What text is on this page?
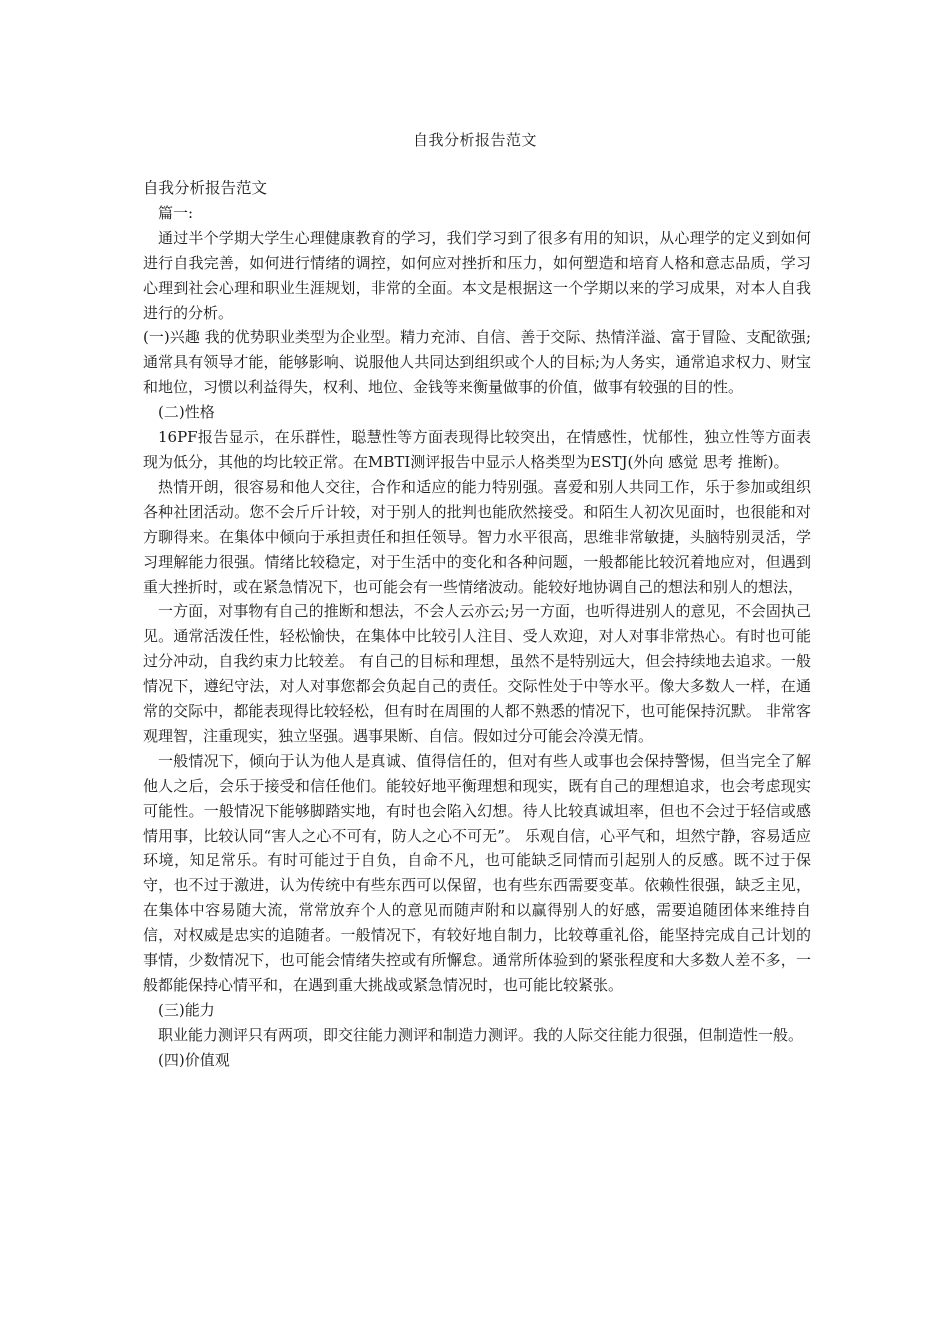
自我分析报告范文

自我分析报告范文

篇一:

通过半个学期大学生心理健康教育的学习，我们学习到了很多有用的知识，从心理学的定义到如何进行自我完善，如何进行情绪的调控，如何应对挫折和压力，如何塑造和培育人格和意志品质，学习心理到社会心理和职业生涯规划，非常的全面。本文是根据这一个学期以来的学习成果，对本人自我进行的分析。

(一)兴趣 我的优势职业类型为企业型。精力充沛、自信、善于交际、热情洋溢、富于冒险、支配欲强; 通常具有领导才能，能够影响、说服他人共同达到组织或个人的目标;为人务实，通常追求权力、财宝和地位，习惯以利益得失，权利、地位、金钱等来衡量做事的价值，做事有较强的目的性。

(二)性格

16PF报告显示，在乐群性，聪慧性等方面表现得比较突出，在情感性，忧郁性，独立性等方面表现为低分，其他的均比较正常。在MBTI测评报告中显示人格类型为ESTJ(外向 感觉 思考 推断)。

热情开朗，很容易和他人交往，合作和适应的能力特别强。喜爱和别人共同工作，乐于参加或组织各种社团活动。您不会斤斤计较，对于别人的批判也能欣然接受。和陌生人初次见面时，也很能和对方聊得来。在集体中倾向于承担责任和担任领导。智力水平很高，思维非常敏捷，头脑特别灵活，学习理解能力很强。情绪比较稳定，对于生活中的变化和各种问题，一般都能比较沉着地应对，但遇到重大挫折时，或在紧急情况下，也可能会有一些情绪波动。能较好地协调自己的想法和别人的想法，

一方面，对事物有自己的推断和想法，不会人云亦云;另一方面，也听得进别人的意见，不会固执己见。通常活泼任性，轻松愉快，在集体中比较引人注目、受人欢迎，对人对事非常热心。有时也可能过分冲动，自我约束力比较差。 有自己的目标和理想，虽然不是特别远大，但会持续地去追求。一般情况下，遵纪守法，对人对事您都会负起自己的责任。交际性处于中等水平。像大多数人一样，在通常的交际中，都能表现得比较轻松，但有时在周围的人都不熟悉的情况下，也可能保持沉默。 非常客观理智，注重现实，独立坚强。遇事果断、自信。假如过分可能会冷漠无情。

一般情况下，倾向于认为他人是真诚、值得信任的，但对有些人或事也会保持警惕，但当完全了解他人之后，会乐于接受和信任他们。能较好地平衡理想和现实，既有自己的理想追求，也会考虑现实可能性。一般情况下能够脚踏实地，有时也会陷入幻想。待人比较真诚坦率，但也不会过于轻信或感情用事，比较认同“害人之心不可有，防人之心不可无”。 乐观自信，心平气和，坦然宁静，容易适应环境，知足常乐。有时可能过于自负，自命不凡，也可能缺乏同情而引起别人的反感。既不过于保守，也不过于激进，认为传统中有些东西可以保留，也有些东西需要变革。依赖性很强，缺乏主见，在集体中容易随大流，常常放弃个人的意见而随声附和以赢得别人的好感，需要追随团体来维持自信，对权威是忠实的追随者。一般情况下，有较好地自制力，比较尊重礼俗，能坚持完成自己计划的事情，少数情况下，也可能会情绪失控或有所懈怠。通常所体验到的紧张程度和大多数人差不多，一般都能保持心情平和，在遇到重大挑战或紧急情况时，也可能比较紧张。

(三)能力

职业能力测评只有两项，即交往能力测评和制造力测评。我的人际交往能力很强，但制造性一般。

(四)价值观
